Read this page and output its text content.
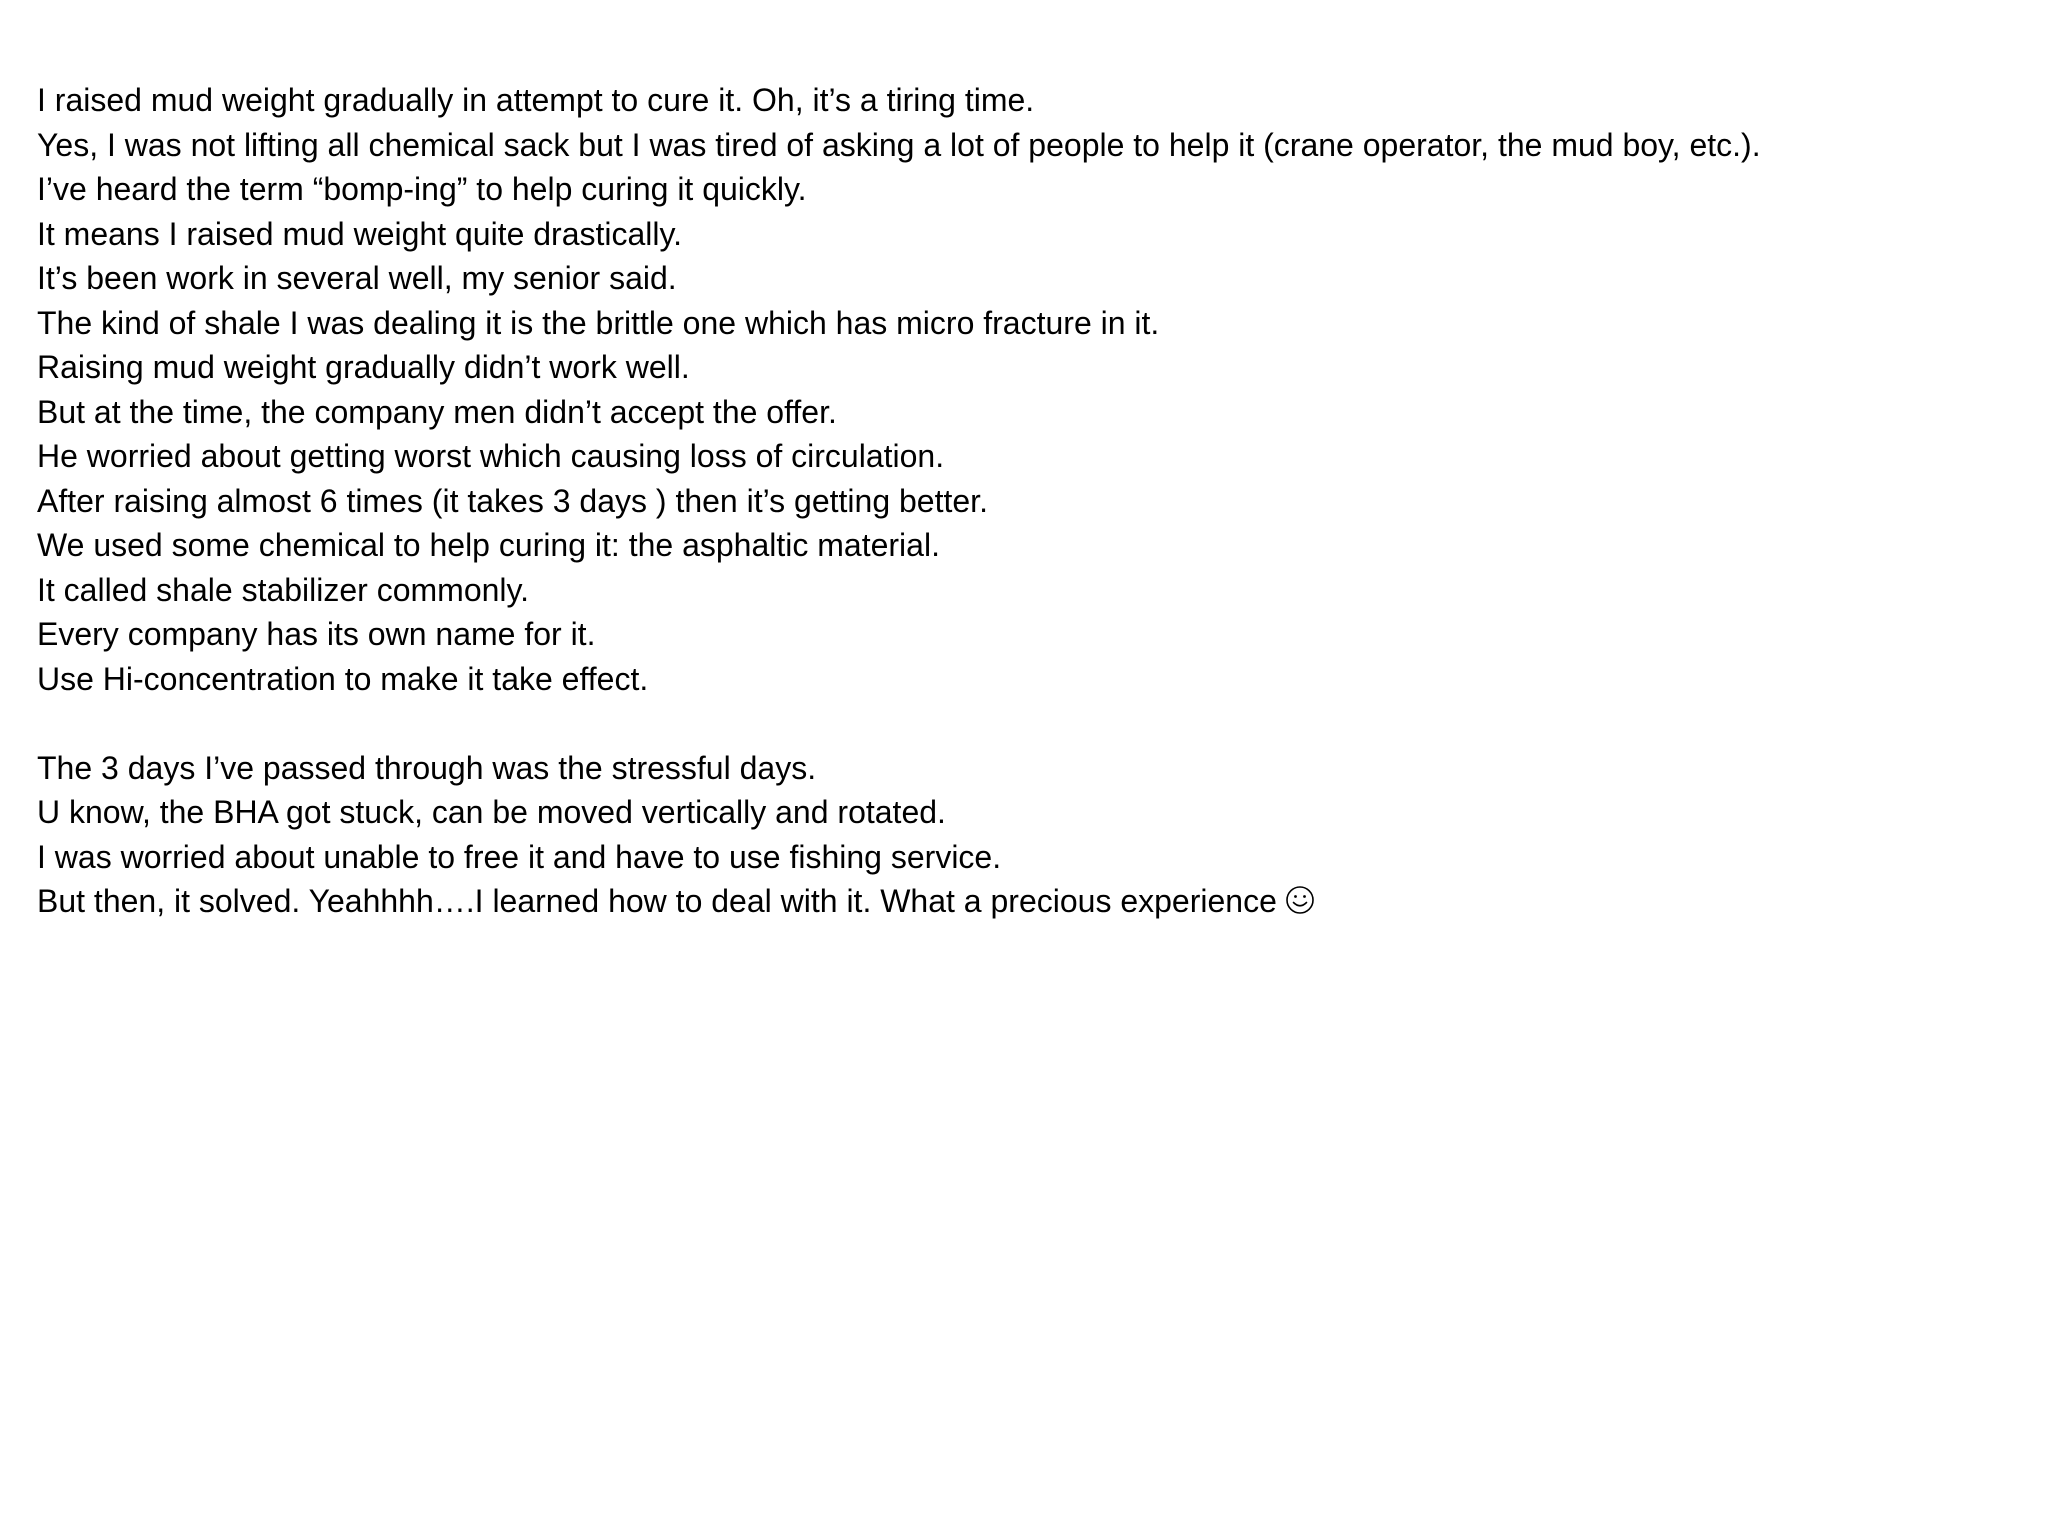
I raised mud weight gradually in attempt to cure it. Oh, it’s a tiring time.
Yes, I was not lifting all chemical sack but I was tired of asking a lot of people to help it (crane operator, the mud boy, etc.).
I’ve heard the term “bomp-ing” to help curing it quickly.
It means I raised mud weight quite drastically.
It’s been work in several well, my senior said.
The kind of shale I was dealing it is the brittle one which has micro fracture in it.
Raising mud weight gradually didn’t work well.
But at the time, the company men didn’t accept the offer.
He worried about getting worst which causing loss of circulation.
After raising almost 6 times (it takes 3 days ) then it’s getting better.
We used some chemical to help curing it: the asphaltic material.
It called shale stabilizer commonly.
Every company has its own name for it.
Use Hi-concentration to make it take effect.
The 3 days I’ve passed through was the stressful days.
U know, the BHA got stuck, can be moved vertically and rotated.
I was worried about unable to free it and have to use fishing service.
But then, it solved. Yeahhhh….I learned how to deal with it. What a precious experience
